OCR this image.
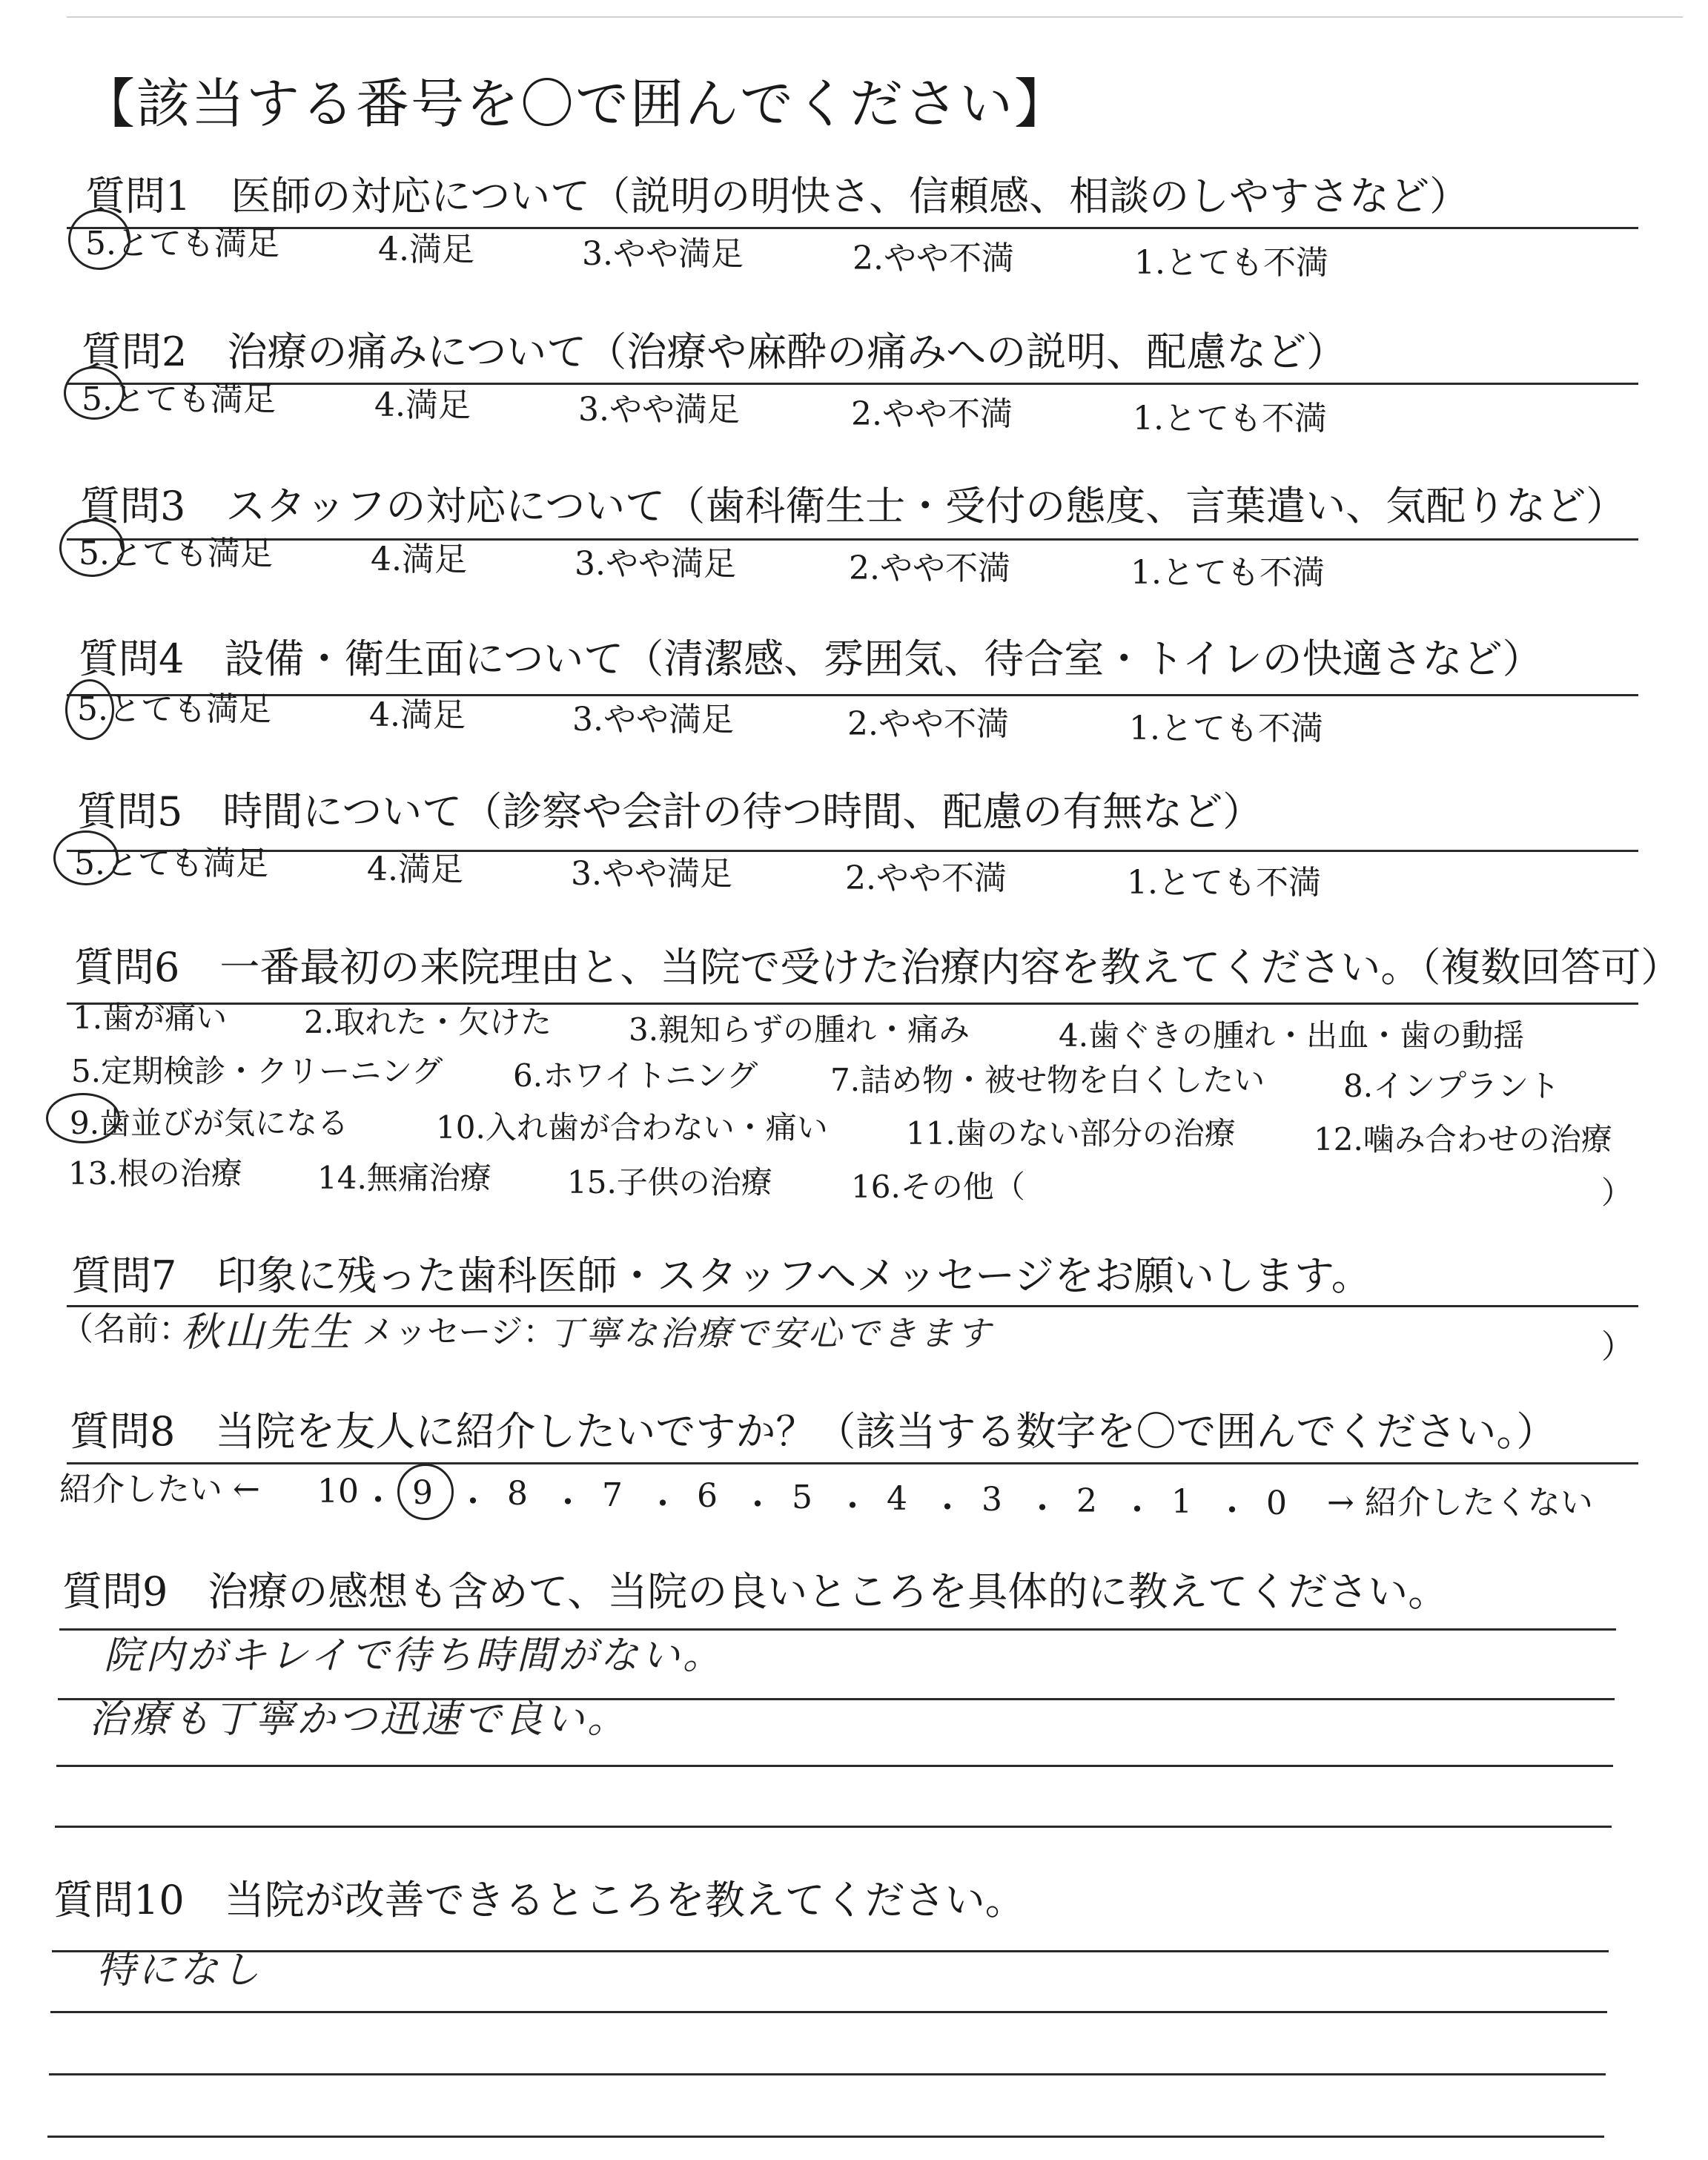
【該当する番号を〇で囲んでください】
質問1　 医師の対応について（説明の明快さ、信頼感、相談のしやすさなど）
5.とても満足	4.満足	3.やや満足	2.やや不満	1.とても不満
質問2　 治療の痛みについて（治療や麻酔の痛みへの説明、配慮など）
5.とても満足	4.満足	3.やや満足	2.やや不満	1.とても不満
質問3　 スタッフの対応について（歯科衛生士・受付の態度、言葉遣い、気配りなど）
5.とても満足	4.満足	3.やや満足	2.やや不満	1.とても不満
質問4　 設備・衛生面について（清潔感、雰囲気、待合室・トイレの快適さなど）
5.とても満足	4.満足	3.やや満足	2.やや不満	1.とても不満
質問5　 時間について（診察や会計の待つ時間、配慮の有無など）
5.とても満足	4.満足	3.やや満足	2.やや不満	1.とても不満
質問6　 一番最初の来院理由と、当院で受けた治療内容を教えてください。（複数回答可）
1.歯が痛い 2.取れた・欠けた 3.親知らずの腫れ・痛み	4.歯ぐきの腫れ・出血・歯の動揺
5.定期検診・クリーニング 6.ホワイトニング 7.詰め物・被せ物を白くしたい	8.インプラント
9.歯並びが気になる	10.入れ歯が合わない・痛い	11.歯のない部分の治療	12.噛み合わせの治療
13.根の治療 14.無痛治療 15.子供の治療	16.その他（	）
質問7　 印象に残った歯科医師・スタッフへメッセージをお願いします。
（名前：
秋山先生 メッセージ：
丁寧な治療で安心できます	）
質問8　 当院を友人に紹介したいですか？（該当する数字を〇で囲んでください。）
紹介したい ←	→ 紹介したくない
10 ・ 9 ・ 8 ・ 7 ・ 6 ・ 5 ・ 4 ・ 3 ・ 2 ・ 1 ・ 0
質問9　 治療の感想も含めて、当院の良いところを具体的に教えてください。
院内がキレイで待ち時間がない。
治療も丁寧かつ迅速で良い。
質問10　 当院が改善できるところを教えてください。
特になし
